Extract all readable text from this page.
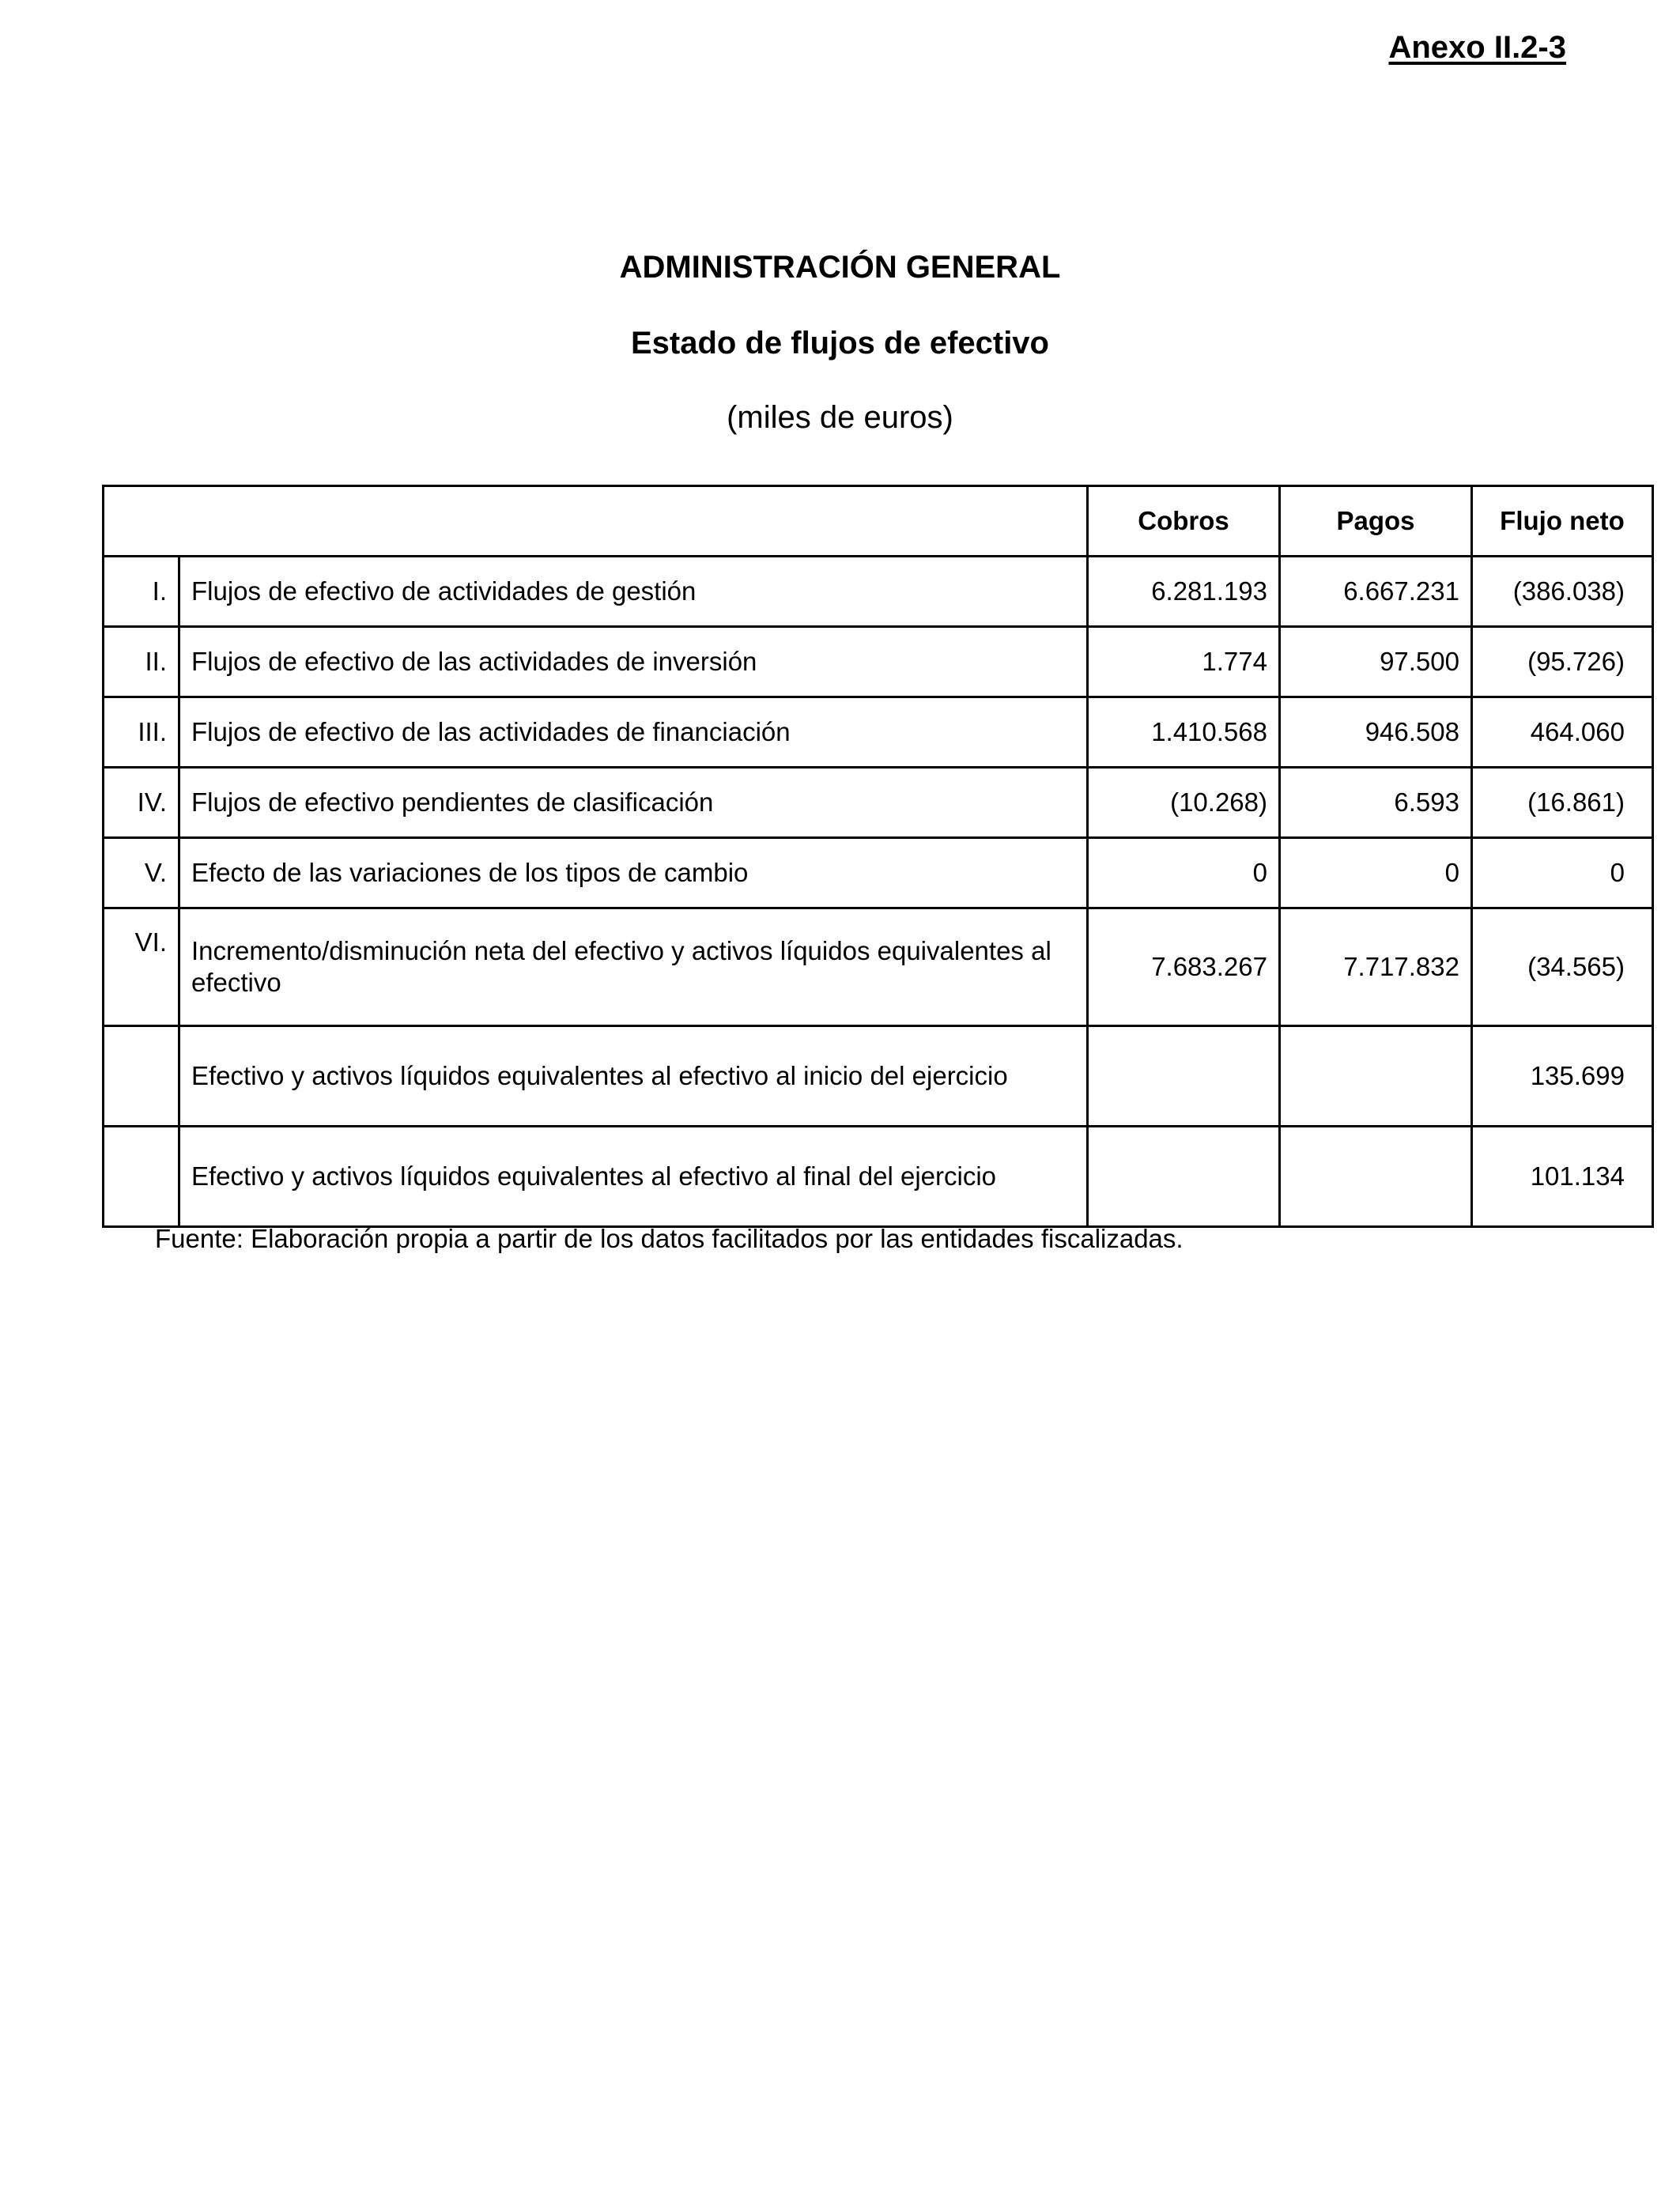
Anexo II.2-3

ADMINISTRACIÓN GENERAL
Estado de flujos de efectivo

(miles de euros)

		Cobros	Pagos	Flujo neto
I.	Flujos de efectivo de actividades de gestión	6.281.193	6.667.231	(386.038)
II.	Flujos de efectivo de las actividades de inversión	1.774	97.500	(95.726)
III.	Flujos de efectivo de las actividades de financiación	1.410.568	946.508	464.060
IV.	Flujos de efectivo pendientes de clasificación	(10.268)	6.593	(16.861)
V.	Efecto de las variaciones de los tipos de cambio	0	0	0
VI.	Incremento/disminución neta del efectivo y activos líquidos equivalentes al efectivo	7.683.267	7.717.832	(34.565)
	Efectivo y activos líquidos equivalentes al efectivo al inicio del ejercicio			135.699
	Efectivo y activos líquidos equivalentes al efectivo al final del ejercicio			101.134

Fuente: Elaboración propia a partir de los datos facilitados por las entidades fiscalizadas.
